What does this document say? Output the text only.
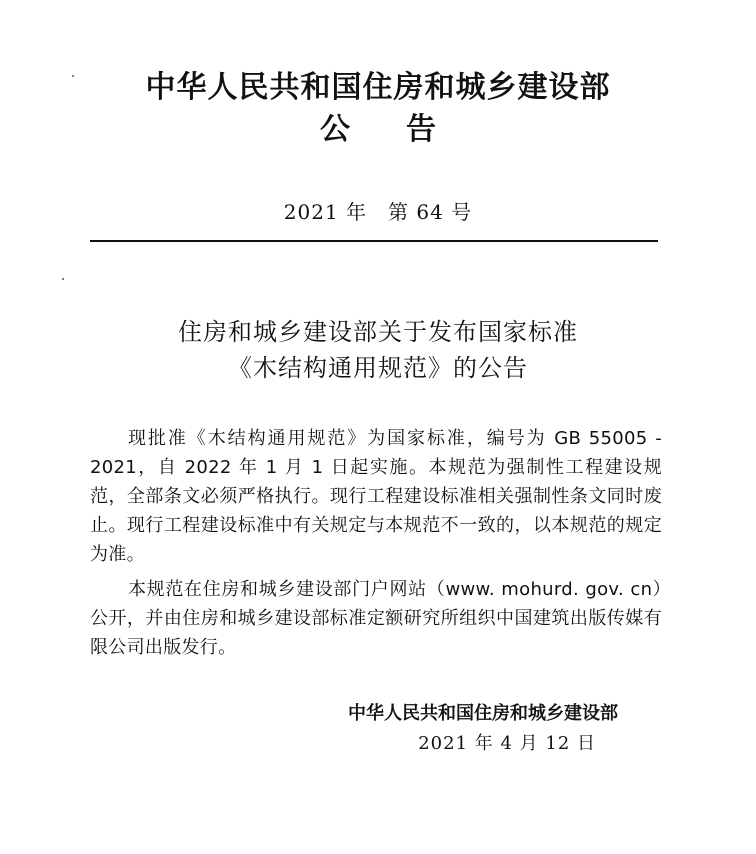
中华人民共和国住房和城乡建设部
公告
2021 年　第 64 号
住房和城乡建设部关于发布国家标准
《木结构通用规范》的公告
现批准《木结构通用规范》为国家标准，编号为 GB 55005 - 2021，自 2022 年 1 月 1 日起实施。本规范为强制性工程建设规范，全部条文必须严格执行。现行工程建设标准相关强制性条文同时废止。现行工程建设标准中有关规定与本规范不一致的，以本规范的规定为准。
本规范在住房和城乡建设部门户网站（www. mohurd. gov. cn）公开，并由住房和城乡建设部标准定额研究所组织中国建筑出版传媒有限公司出版发行。
中华人民共和国住房和城乡建设部
2021 年 4 月 12 日
